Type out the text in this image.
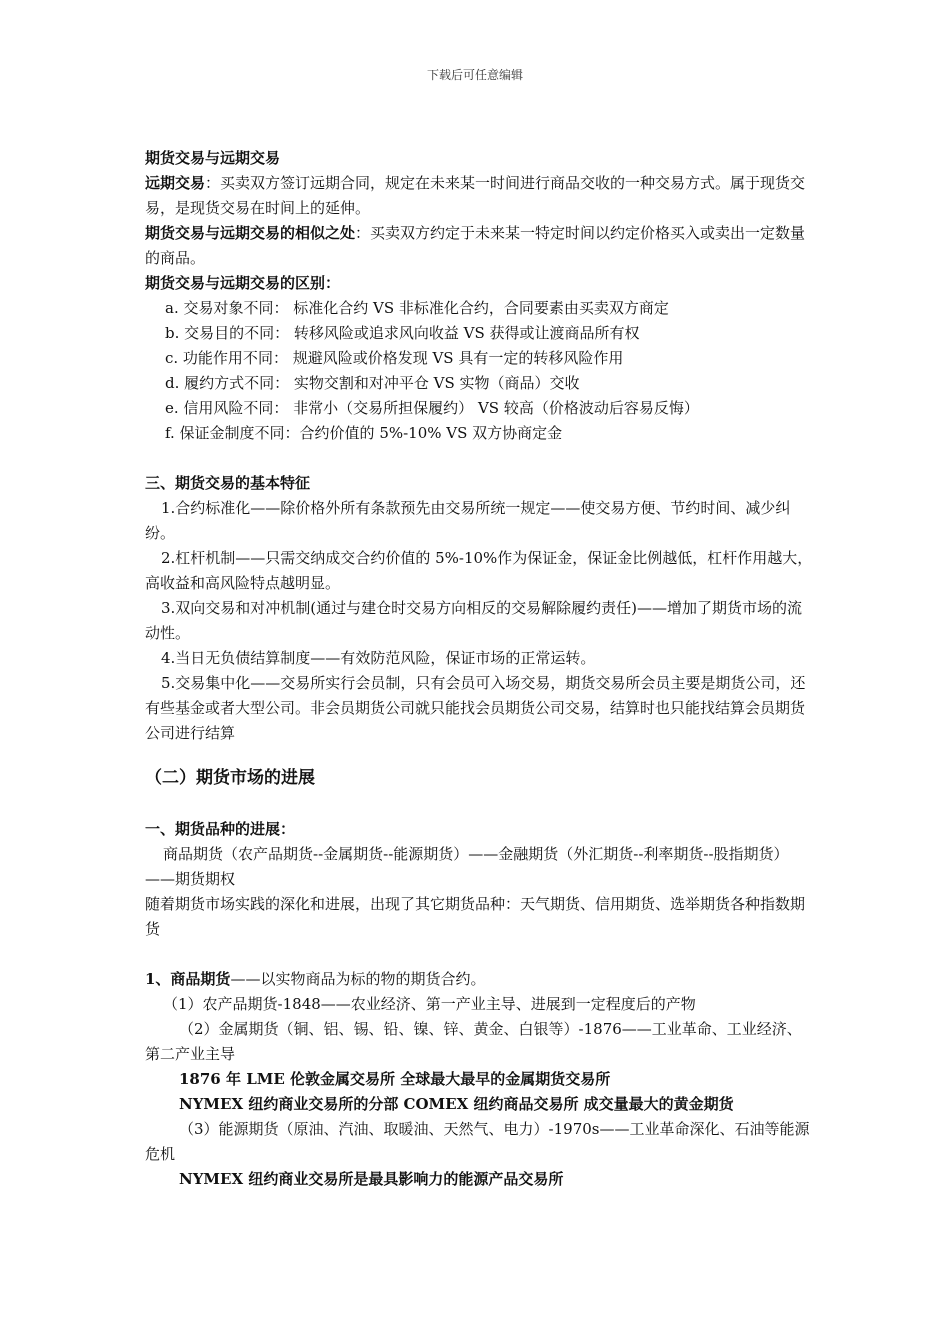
下载后可任意编辑
期货交易与远期交易
远期交易：买卖双方签订远期合同，规定在未来某一时间进行商品交收的一种交易方式。属于现货交易，是现货交易在时间上的延伸。
期货交易与远期交易的相似之处：买卖双方约定于未来某一特定时间以约定价格买入或卖出一定数量的商品。
期货交易与远期交易的区别：
a. 交易对象不同： 标准化合约 VS 非标准化合约，合同要素由买卖双方商定
b. 交易目的不同： 转移风险或追求风向收益 VS 获得或让渡商品所有权
c. 功能作用不同： 规避风险或价格发现 VS 具有一定的转移风险作用
d. 履约方式不同： 实物交割和对冲平仓 VS 实物（商品）交收
e. 信用风险不同： 非常小（交易所担保履约） VS 较高（价格波动后容易反悔）
f. 保证金制度不同：合约价值的 5%-10% VS 双方协商定金
三、期货交易的基本特征
1.合约标准化——除价格外所有条款预先由交易所统一规定——使交易方便、节约时间、减少纠纷。
2.杠杆机制——只需交纳成交合约价值的 5%-10%作为保证金，保证金比例越低，杠杆作用越大，高收益和高风险特点越明显。
3.双向交易和对冲机制(通过与建仓时交易方向相反的交易解除履约责任)——增加了期货市场的流动性。
4.当日无负债结算制度——有效防范风险，保证市场的正常运转。
5.交易集中化——交易所实行会员制，只有会员可入场交易，期货交易所会员主要是期货公司，还有些基金或者大型公司。非会员期货公司就只能找会员期货公司交易，结算时也只能找结算会员期货公司进行结算
（二）期货市场的进展
一、期货品种的进展：
商品期货（农产品期货--金属期货--能源期货）——金融期货（外汇期货--利率期货--股指期货）——期货期权
随着期货市场实践的深化和进展，出现了其它期货品种：天气期货、信用期货、选举期货各种指数期货
1、商品期货——以实物商品为标的物的期货合约。
（1）农产品期货-1848——农业经济、第一产业主导、进展到一定程度后的产物
（2）金属期货（铜、铝、锡、铅、镍、锌、黄金、白银等）-1876——工业革命、工业经济、第二产业主导
1876 年 LME 伦敦金属交易所 全球最大最早的金属期货交易所
NYMEX 纽约商业交易所的分部 COMEX 纽约商品交易所 成交量最大的黄金期货
（3）能源期货（原油、汽油、取暖油、天然气、电力）-1970s——工业革命深化、石油等能源危机
NYMEX 纽约商业交易所是最具影响力的能源产品交易所
